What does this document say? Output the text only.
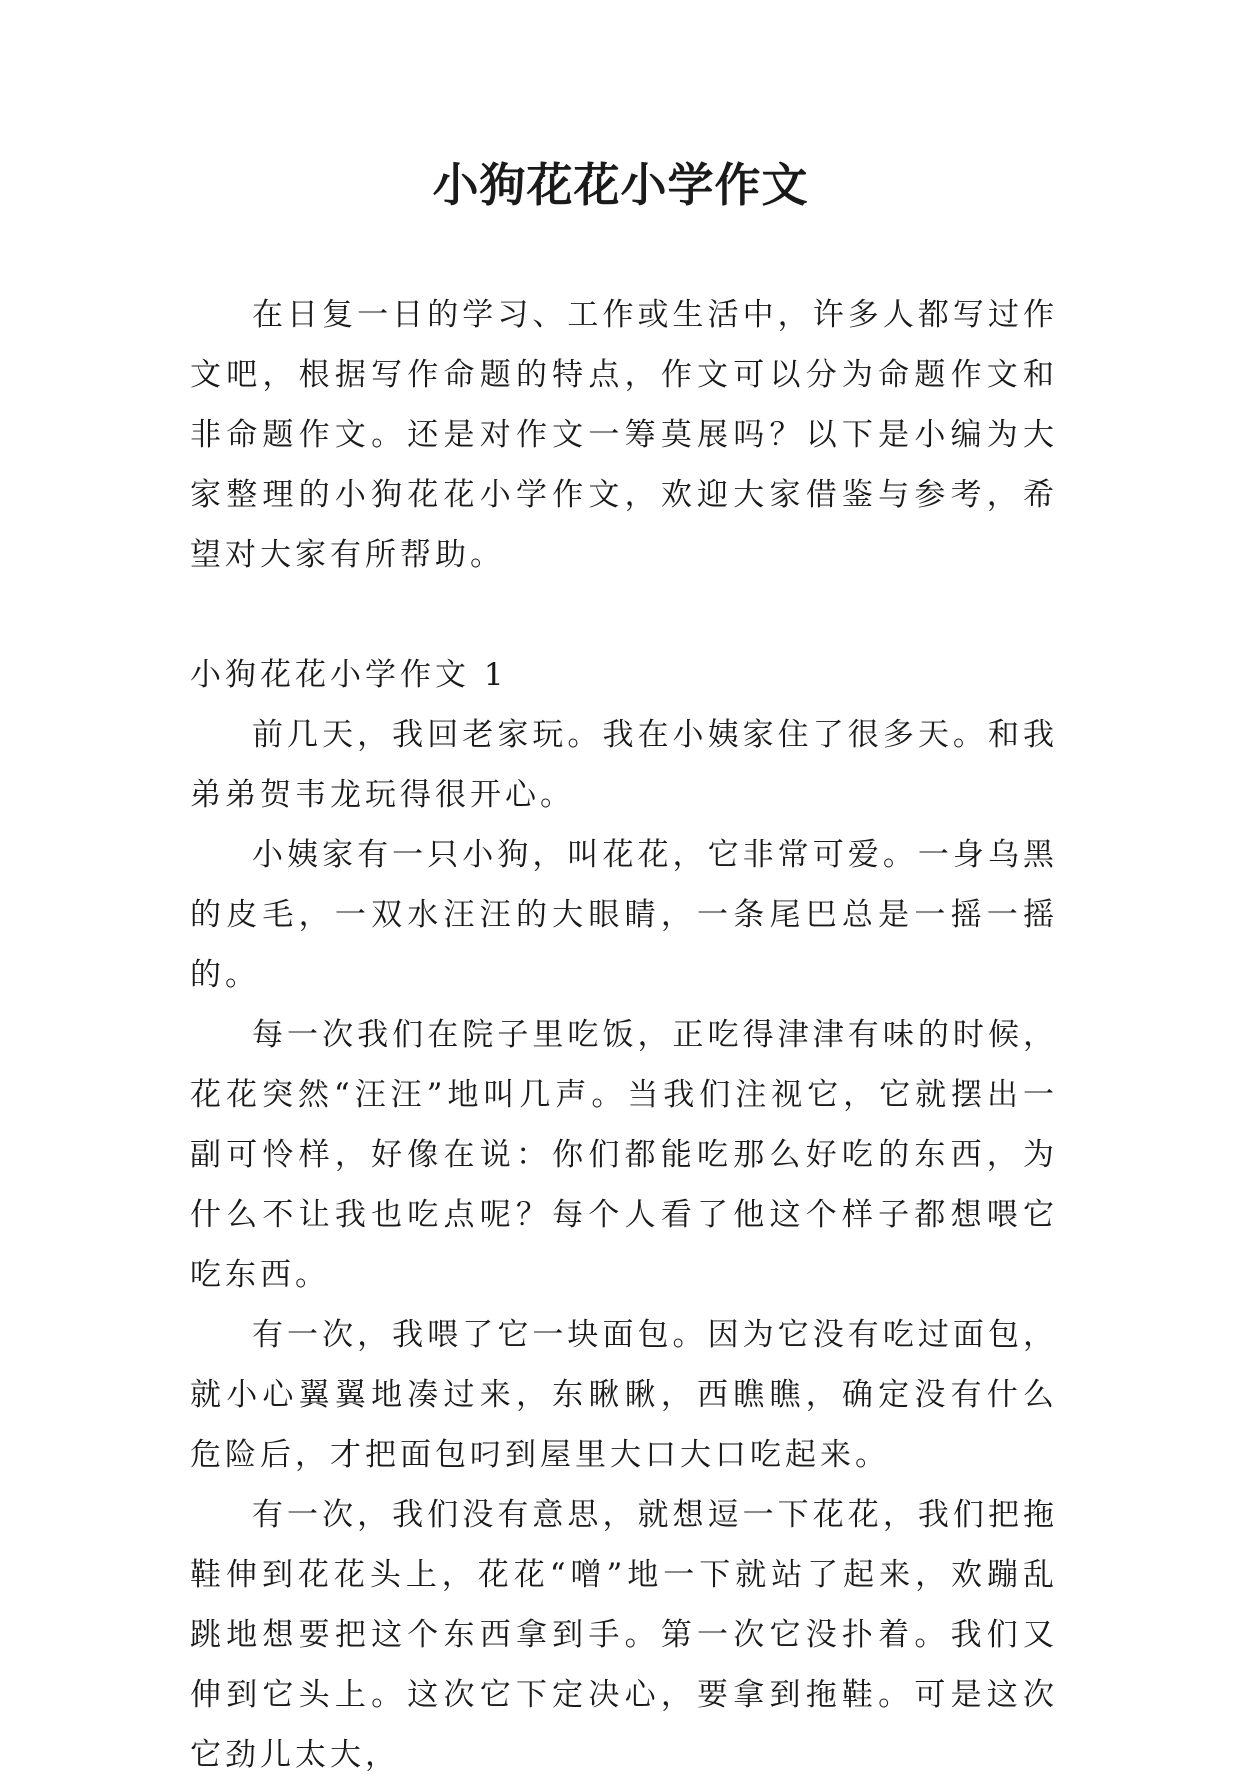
小狗花花小学作文

在日复一日的学习、工作或生活中，许多人都写过作文吧，根据写作命题的特点，作文可以分为命题作文和非命题作文。还是对作文一筹莫展吗？以下是小编为大家整理的小狗花花小学作文，欢迎大家借鉴与参考，希望对大家有所帮助。

小狗花花小学作文 1

前几天，我回老家玩。我在小姨家住了很多天。和我弟弟贺韦龙玩得很开心。

小姨家有一只小狗，叫花花，它非常可爱。一身乌黑的皮毛，一双水汪汪的大眼睛，一条尾巴总是一摇一摇的。

每一次我们在院子里吃饭，正吃得津津有味的时候，花花突然“汪汪”地叫几声。当我们注视它，它就摆出一副可怜样，好像在说：你们都能吃那么好吃的东西，为什么不让我也吃点呢？每个人看了他这个样子都想喂它吃东西。

有一次，我喂了它一块面包。因为它没有吃过面包，就小心翼翼地凑过来，东瞅瞅，西瞧瞧，确定没有什么危险后，才把面包叼到屋里大口大口吃起来。

有一次，我们没有意思，就想逗一下花花，我们把拖鞋伸到花花头上，花花“噌”地一下就站了起来，欢蹦乱跳地想要把这个东西拿到手。第一次它没扑着。我们又伸到它头上。这次它下定决心，要拿到拖鞋。可是这次它劲儿太大，
